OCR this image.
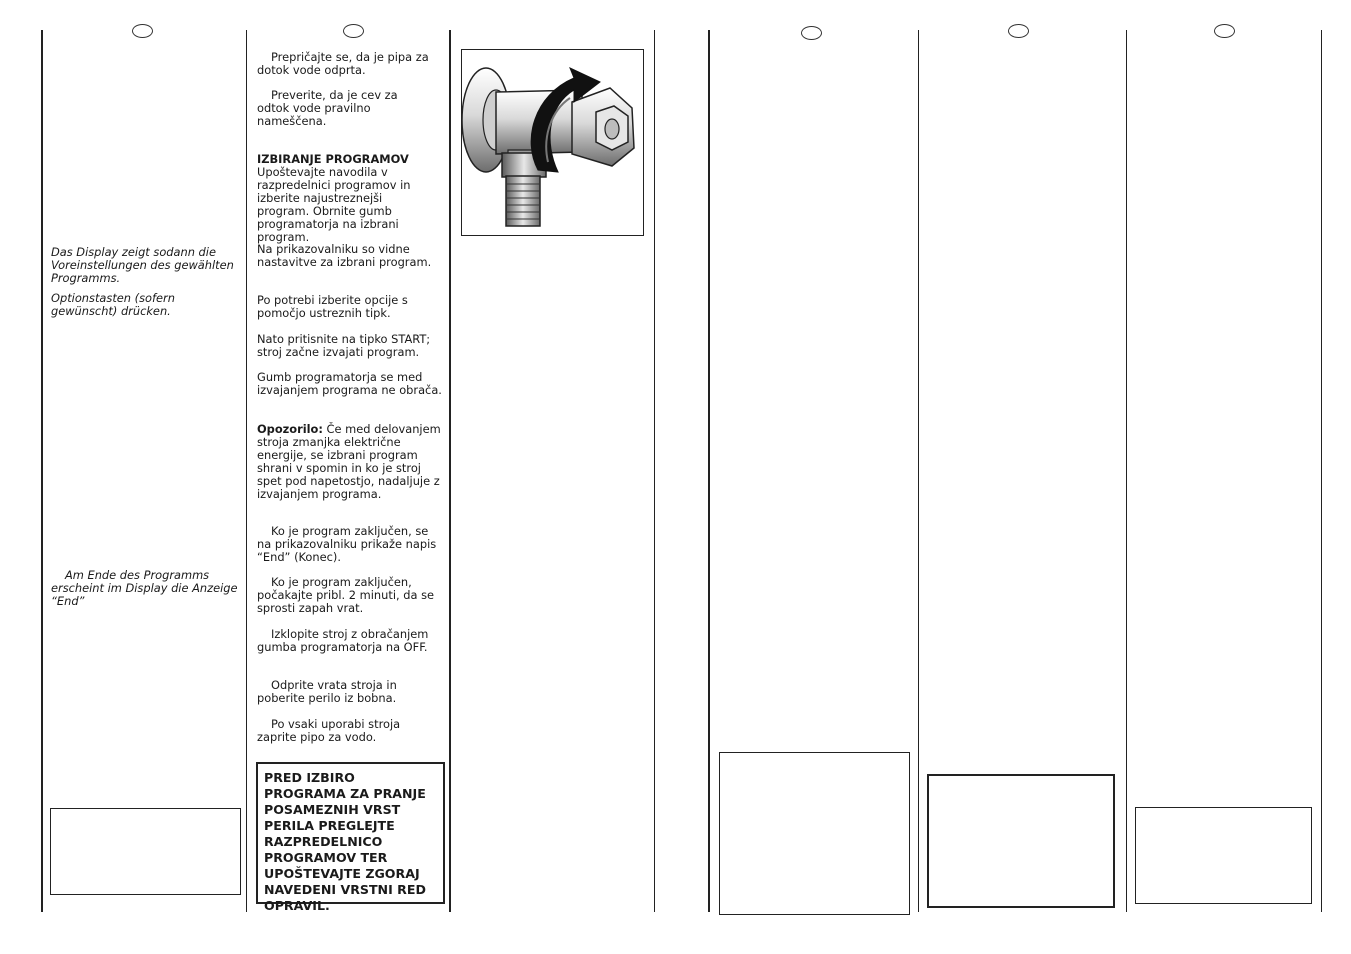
Das Display zeigt sodann die Voreinstellungen des gewählten Programms.

Optionstasten (sofern gewünscht) drücken.

Am Ende des Programms erscheint im Display die Anzeige “End”

Prepričajte se, da je pipa za dotok vode odprta.

Preverite, da je cev za odtok vode pravilno nameščena.

IZBIRANJE PROGRAMOV

Upoštevajte navodila v razpredelnici programov in izberite najustreznejši program. Obrnite gumb programatorja na izbrani program.

Na prikazovalniku so vidne nastavitve za izbrani program.

Po potrebi izberite opcije s pomočjo ustreznih tipk.

Nato pritisnite na tipko START; stroj začne izvajati program.

Gumb programatorja se med izvajanjem programa ne obrača.

Opozorilo: Če med delovanjem stroja zmanjka električne energije, se izbrani program shrani v spomin in ko je stroj spet pod napetostjo, nadaljuje z izvajanjem programa.

Ko je program zaključen, se na prikazovalniku prikaže napis “End” (Konec).

Ko je program zaključen, počakajte pribl. 2 minuti, da se sprosti zapah vrat.

Izklopite stroj z obračanjem gumba programatorja na OFF.

Odprite vrata stroja in poberite perilo iz bobna.

Po vsaki uporabi stroja zaprite pipo za vodo.

PRED IZBIRO PROGRAMA ZA PRANJE POSAMEZNIH VRST PERILA PREGLEJTE RAZPREDELNICO PROGRAMOV TER UPOŠTEVAJTE ZGORAJ NAVEDENI VRSTNI RED OPRAVIL.
